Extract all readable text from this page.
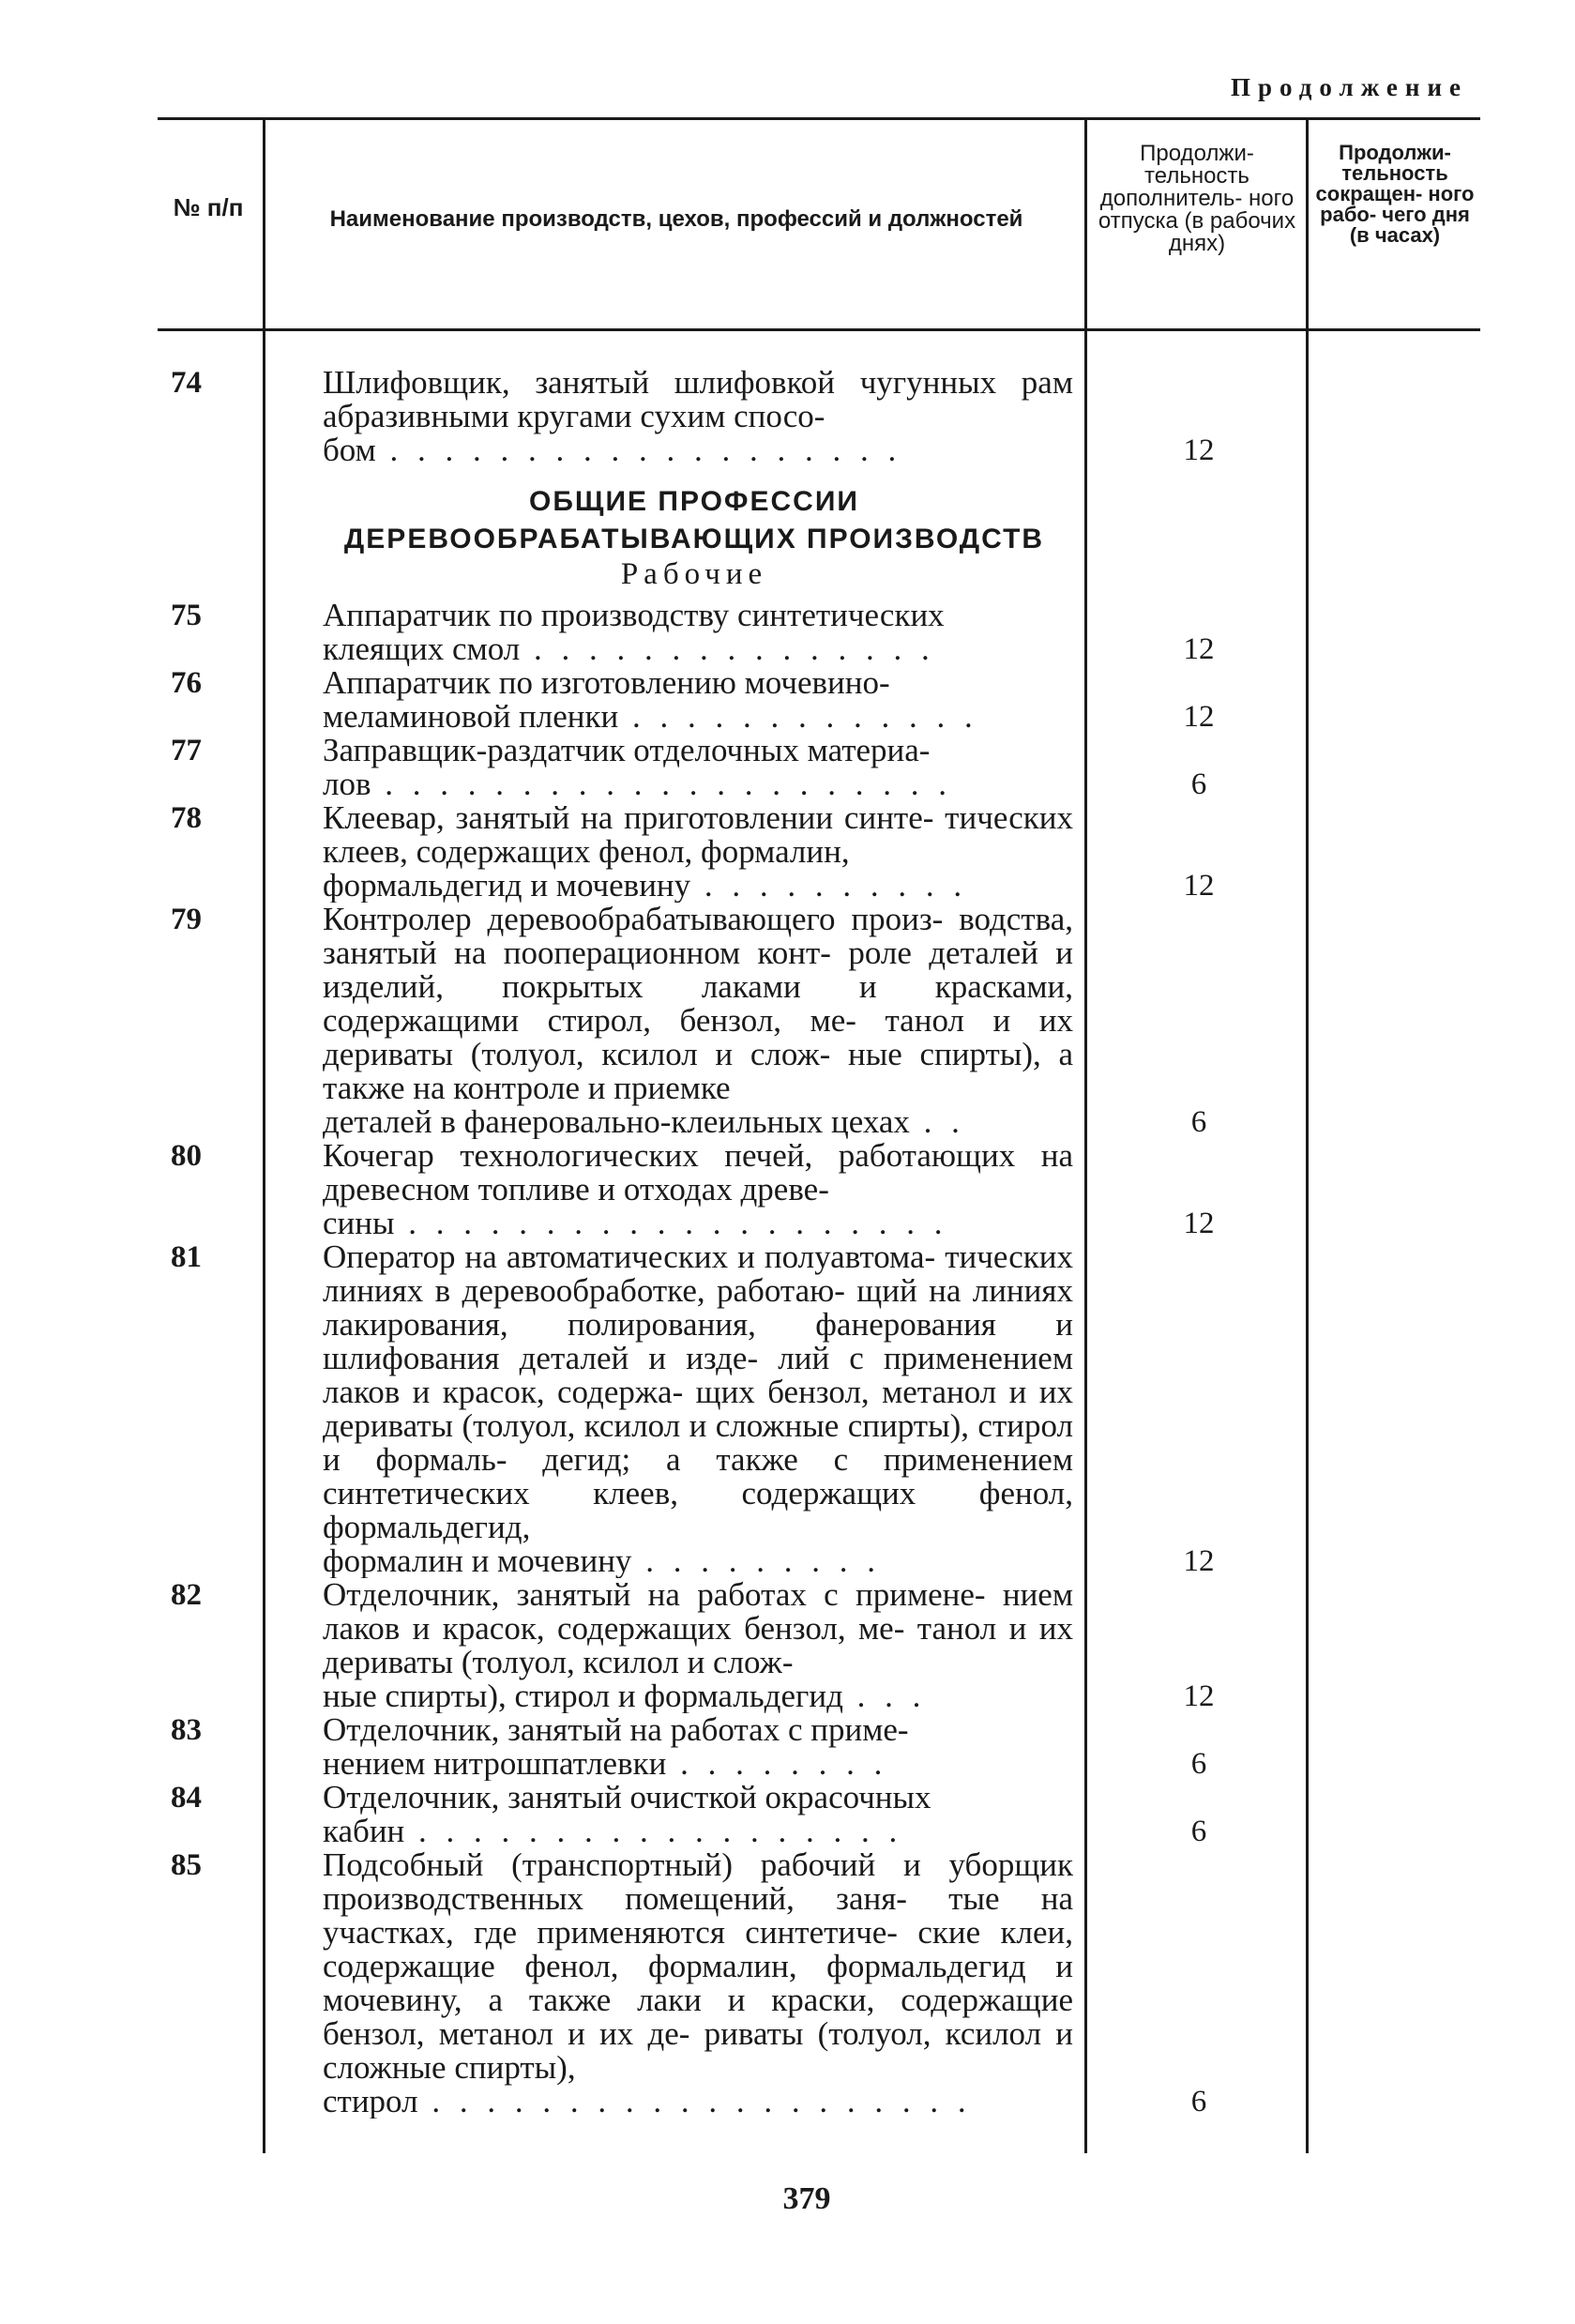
Продолжение
№ п/п	Наименование производств, цехов, профессий и должностей
Продолжи- тельность дополнитель- ного отпуска (в рабочих днях)
Продолжи- тельность сокращен- ного рабо- чего дня (в часах)
74	Шлифовщик, занятый шлифовкой чугунных рам абразивными кругами сухим спосо-
бом . . . . . . . . . . . . . . . . . . .	12
ОБЩИЕ ПРОФЕССИИ
ДЕРЕВООБРАБАТЫВАЮЩИХ ПРОИЗВОДСТВ
Рабочие
75	Аппаратчик по производству синтетических
клеящих смол . . . . . . . . . . . . . . .	12
76	Аппаратчик по изготовлению мочевино-
меламиновой пленки . . . . . . . . . . . . .	12
77	Заправщик-раздатчик отделочных материа-
лов . . . . . . . . . . . . . . . . . . . . .	6
78	Клеевар, занятый на приготовлении синте- тических клеев, содержащих фенол, формалин,
формальдегид и мочевину . . . . . . . . . .	12
79	Контролер деревообрабатывающего произ- водства, занятый на пооперационном конт- роле деталей и изделий, покрытых лаками и красками, содержащими стирол, бензол, ме- танол и их дериваты (толуол, ксилол и слож- ные спирты), а также на контроле и приемке
деталей в фанеровально-клеильных цехах . .	6
80	Кочегар технологических печей, работающих на древесном топливе и отходах древе-
сины . . . . . . . . . . . . . . . . . . . .	12
81	Оператор на автоматических и полуавтома- тических линиях в деревообработке, работаю- щий на линиях лакирования, полирования, фанерования и шлифования деталей и изде- лий с применением лаков и красок, содержа- щих бензол, метанол и их дериваты (толуол, ксилол и сложные спирты), стирол и формаль- дегид; а также с применением синтетических клеев, содержащих фенол, формальдегид,
формалин и мочевину . . . . . . . . .	12
82	Отделочник, занятый на работах с примене- нием лаков и красок, содержащих бензол, ме- танол и их дериваты (толуол, ксилол и слож-
ные спирты), стирол и формальдегид . . .	12
83	Отделочник, занятый на работах с приме-
нением нитрошпатлевки . . . . . . . .	6
84	Отделочник, занятый очисткой окрасочных
кабин . . . . . . . . . . . . . . . . . .	6
85	Подсобный (транспортный) рабочий и уборщик производственных помещений, заня- тые на участках, где применяются синтетиче- ские клеи, содержащие фенол, формалин, формальдегид и мочевину, а также лаки и краски, содержащие бензол, метанол и их де- риваты (толуол, ксилол и сложные спирты),
стирол . . . . . . . . . . . . . . . . . . . .	6
379
